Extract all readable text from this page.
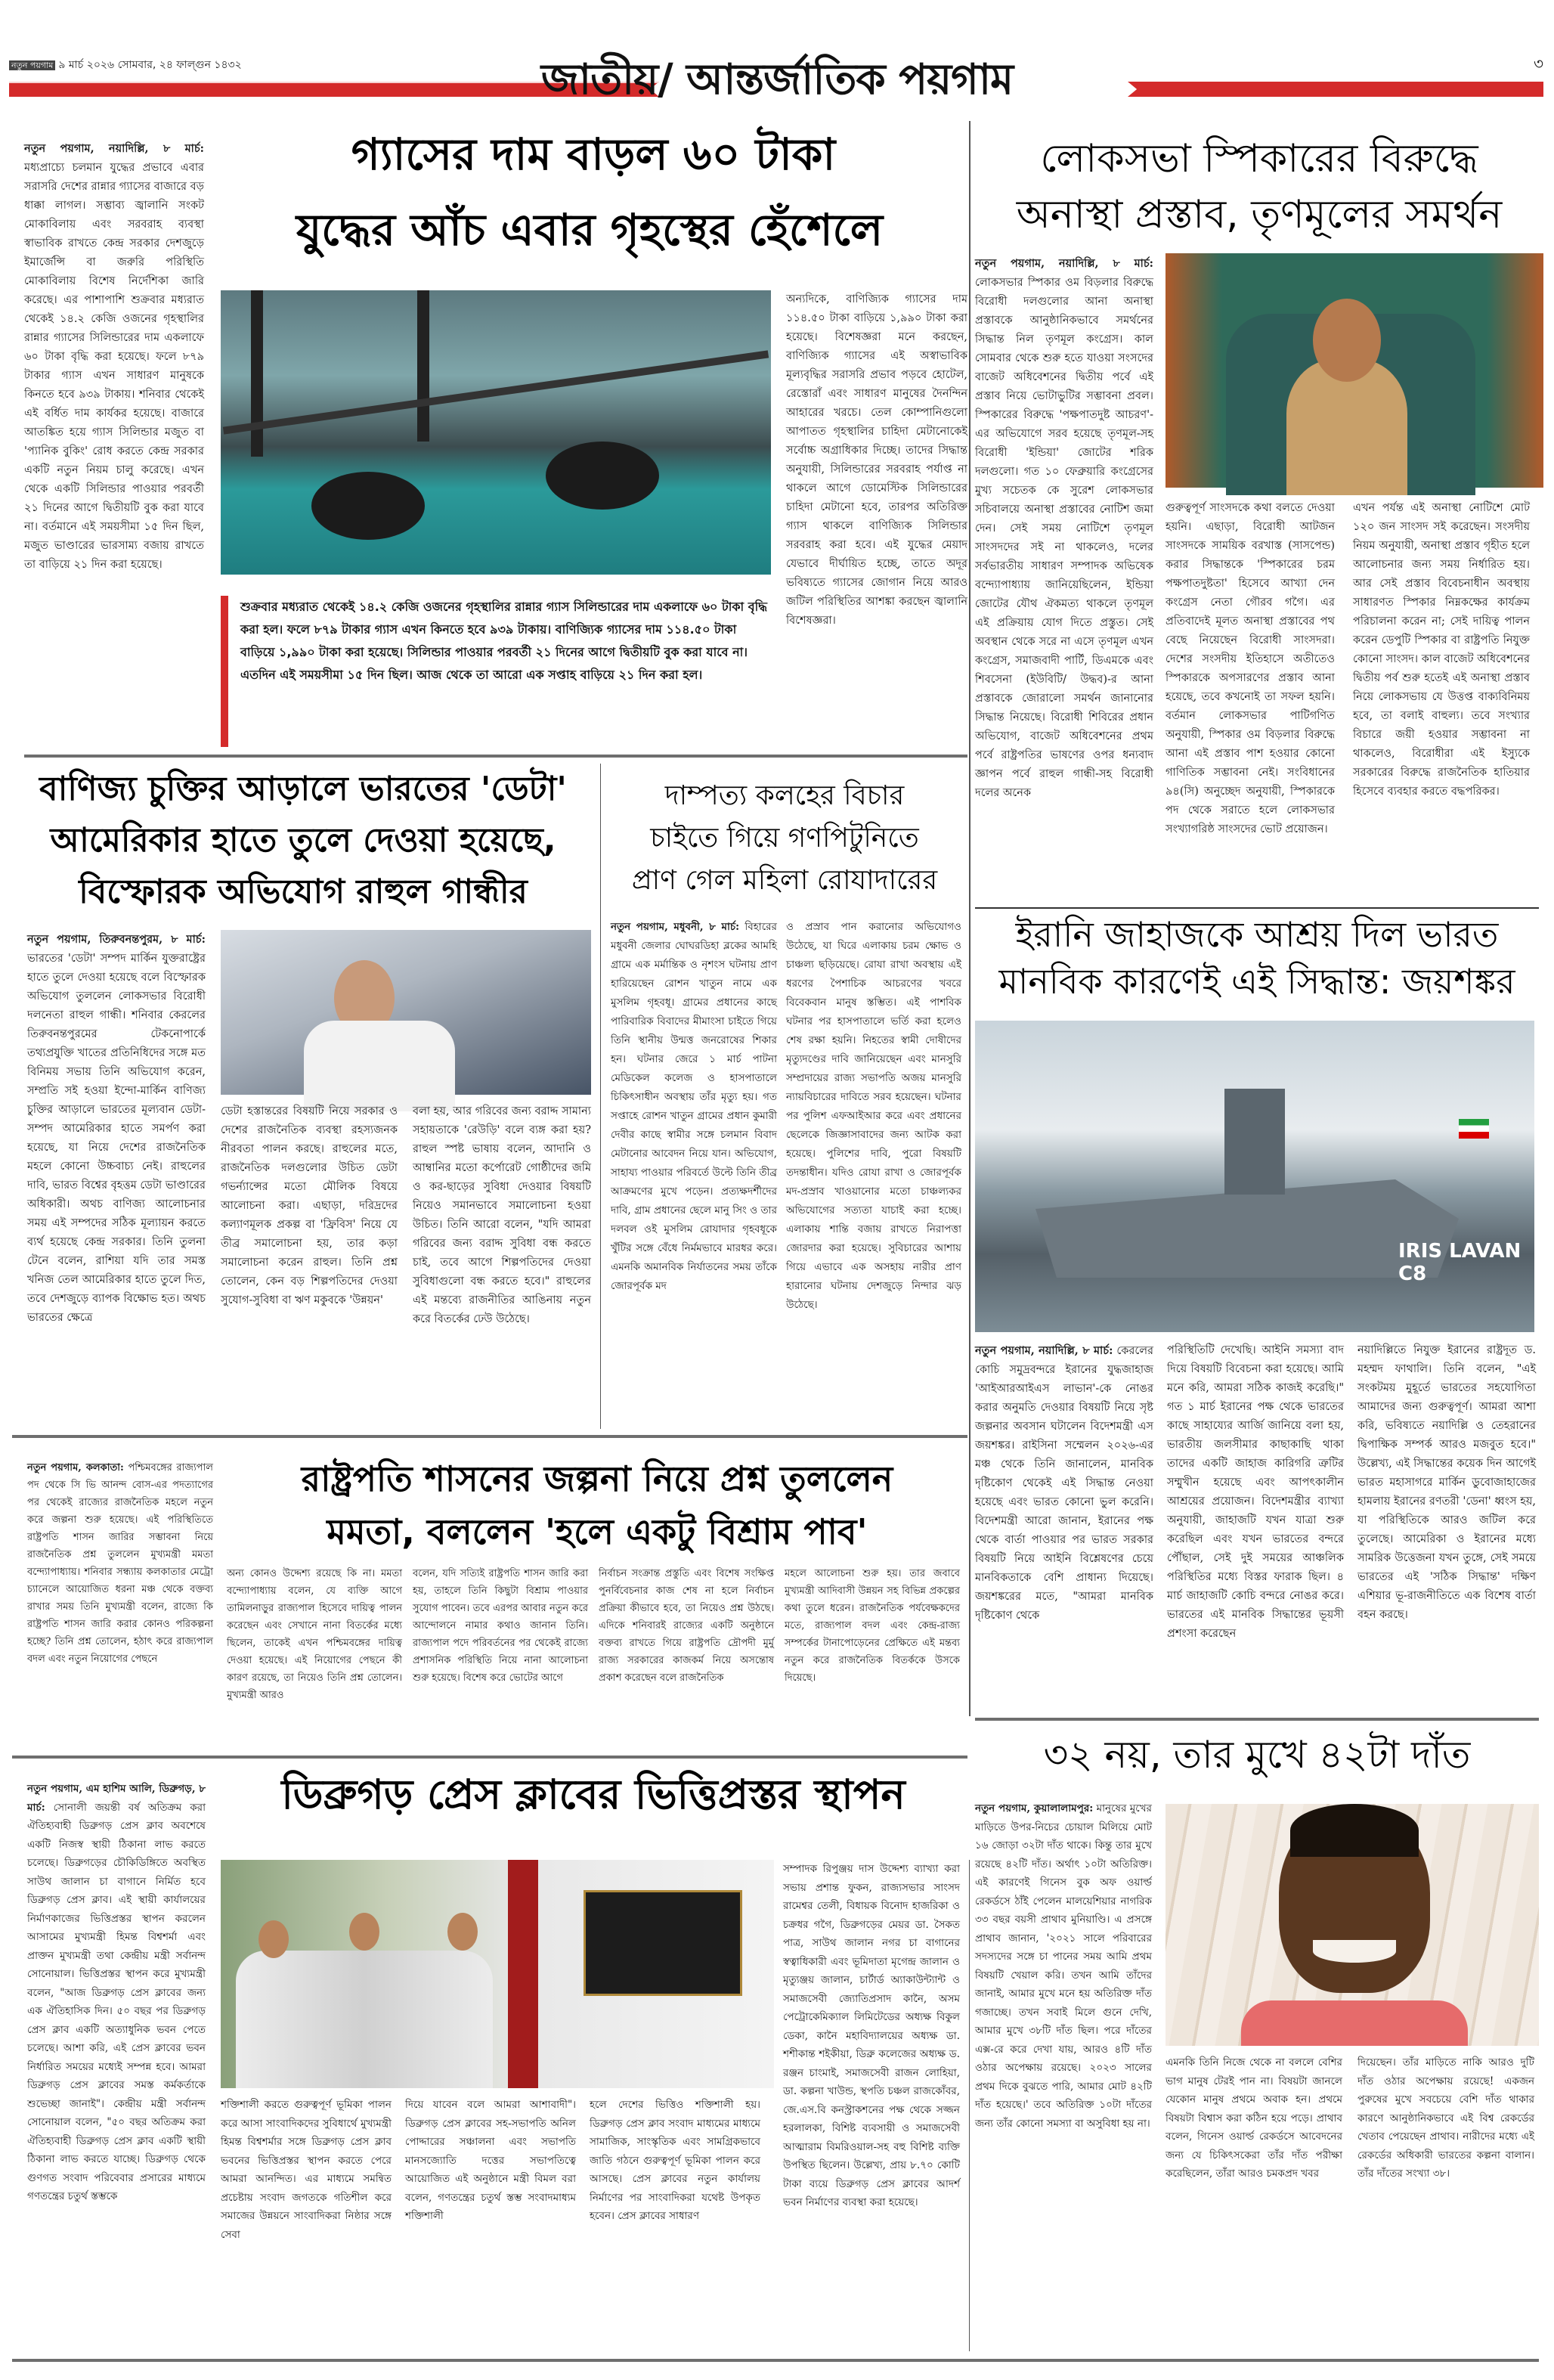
নতুন পয়গাম ৯ মার্চ ২০২৬ সোমবার, ২৪ ফাল্গুন ১৪৩২	জাতীয়/ আন্তর্জাতিক পয়গাম	৩
গ্যাসের দাম বাড়ল ৬০ টাকা
যুদ্ধের আঁচ এবার গৃহস্থের হেঁশেলে
নতুন পয়গাম, নয়াদিল্লি, ৮ মার্চ: মধ্যপ্রাচ্যে চলমান যুদ্ধের প্রভাবে এবার সরাসরি দেশের রান্নার গ্যাসের বাজারে বড় ধাক্কা লাগল। সম্ভাব্য জ্বালানি সংকট মোকাবিলায় এবং সরবরাহ ব্যবস্থা স্বাভাবিক রাখতে কেন্দ্র সরকার দেশজুড়ে ইমার্জেন্সি বা জরুরি পরিস্থিতি মোকাবিলায় বিশেষ নির্দেশিকা জারি করেছে। এর পাশাপাশি শুক্রবার মধ্যরাত থেকেই ১৪.২ কেজি ওজনের গৃহস্থালির রান্নার গ্যাসের সিলিন্ডারের দাম একলাফে ৬০ টাকা বৃদ্ধি করা হয়েছে। ফলে ৮৭৯ টাকার গ্যাস এখন সাধারণ মানুষকে কিনতে হবে ৯৩৯ টাকায়। শনিবার থেকেই এই বর্ধিত দাম কার্যকর হয়েছে। বাজারে আতঙ্কিত হয়ে গ্যাস সিলিন্ডার মজুত বা 'প্যানিক বুকিং' রোধ করতে কেন্দ্র সরকার একটি নতুন নিয়ম চালু করেছে। এখন থেকে একটি সিলিন্ডার পাওয়ার পরবর্তী ২১ দিনের আগে দ্বিতীয়টি বুক করা যাবে না। বর্তমানে এই সময়সীমা ১৫ দিন ছিল, মজুত ভাণ্ডারের ভারসাম্য বজায় রাখতে তা বাড়িয়ে ২১ দিন করা হয়েছে।
অন্যদিকে, বাণিজ্যিক গ্যাসের দাম ১১৪.৫০ টাকা বাড়িয়ে ১,৯৯০ টাকা করা হয়েছে। বিশেষজ্ঞরা মনে করছেন, বাণিজ্যিক গ্যাসের এই অস্বাভাবিক মূল্যবৃদ্ধির সরাসরি প্রভাব পড়বে হোটেল, রেস্তোরাঁ এবং সাধারণ মানুষের দৈনন্দিন আহারের খরচে। তেল কোম্পানিগুলো আপাতত গৃহস্থালির চাহিদা মেটানোকেই সর্বোচ্চ অগ্রাধিকার দিচ্ছে। তাদের সিদ্ধান্ত অনুযায়ী, সিলিন্ডারের সরবরাহ পর্যাপ্ত না থাকলে আগে ডোমেস্টিক সিলিন্ডারের চাহিদা মেটানো হবে, তারপর অতিরিক্ত গ্যাস থাকলে বাণিজ্যিক সিলিন্ডার সরবরাহ করা হবে। এই যুদ্ধের মেয়াদ যেভাবে দীর্ঘায়িত হচ্ছে, তাতে অদূর ভবিষ্যতে গ্যাসের জোগান নিয়ে আরও জটিল পরিস্থিতির আশঙ্কা করছেন জ্বালানি বিশেষজ্ঞরা।
শুক্রবার মধ্যরাত থেকেই ১৪.২ কেজি ওজনের গৃহস্থালির রান্নার গ্যাস সিলিন্ডারের দাম একলাফে ৬০ টাকা বৃদ্ধি করা হল। ফলে ৮৭৯ টাকার গ্যাস এখন কিনতে হবে ৯৩৯ টাকায়। বাণিজ্যিক গ্যাসের দাম ১১৪.৫০ টাকা বাড়িয়ে ১,৯৯০ টাকা করা হয়েছে। সিলিন্ডার পাওয়ার পরবর্তী ২১ দিনের আগে দ্বিতীয়টি বুক করা যাবে না। এতদিন এই সময়সীমা ১৫ দিন ছিল। আজ থেকে তা আরো এক সপ্তাহ বাড়িয়ে ২১ দিন করা হল।
লোকসভা স্পিকারের বিরুদ্ধে
অনাস্থা প্রস্তাব, তৃণমূলের সমর্থন
নতুন পয়গাম, নয়াদিল্লি, ৮ মার্চ: লোকসভার স্পিকার ওম বিড়লার বিরুদ্ধে বিরোধী দলগুলোর আনা অনাস্থা প্রস্তাবকে আনুষ্ঠানিকভাবে সমর্থনের সিদ্ধান্ত নিল তৃণমূল কংগ্রেস। কাল সোমবার থেকে শুরু হতে যাওয়া সংসদের বাজেট অধিবেশনের দ্বিতীয় পর্বে এই প্রস্তাব নিয়ে ভোটাভুটির সম্ভাবনা প্রবল। স্পিকারের বিরুদ্ধে 'পক্ষপাতদুষ্ট আচরণ'-এর অভিযোগে সরব হয়েছে তৃণমূল-সহ বিরোধী 'ইন্ডিয়া' জোটের শরিক দলগুলো। গত ১০ ফেব্রুয়ারি কংগ্রেসের মুখ্য সচেতক কে সুরেশ লোকসভার সচিবালয়ে অনাস্থা প্রস্তাবের নোটিশ জমা দেন। সেই সময় নোটিশে তৃণমূল সাংসদদের সই না থাকলেও, দলের সর্বভারতীয় সাধারণ সম্পাদক অভিষেক বন্দ্যোপাধ্যায় জানিয়েছিলেন, ইন্ডিয়া জোটের যৌথ ঐকমত্য থাকলে তৃণমূল এই প্রক্রিয়ায় যোগ দিতে প্রস্তুত। সেই অবস্থান থেকে সরে না এসে তৃণমূল এখন কংগ্রেস, সমাজবাদী পার্টি, ডিএমকে এবং শিবসেনা (ইউবিটি/ উদ্ধব)-র আনা প্রস্তাবকে জোরালো সমর্থন জানানোর সিদ্ধান্ত নিয়েছে। বিরোধী শিবিরের প্রধান অভিযোগ, বাজেট অধিবেশনের প্রথম পর্বে রাষ্ট্রপতির ভাষণের ওপর ধন্যবাদ জ্ঞাপন পর্বে রাহুল গান্ধী-সহ বিরোধী দলের অনেক
গুরুত্বপূর্ণ সাংসদকে কথা বলতে দেওয়া হয়নি। এছাড়া, বিরোধী আটজন সাংসদকে সাময়িক বরখাস্ত (সাসপেন্ড) করার সিদ্ধান্তকে 'স্পিকারের চরম পক্ষপাতদুষ্টতা' হিসেবে আখ্যা দেন কংগ্রেস নেতা গৌরব গগৈ। এর প্রতিবাদেই মূলত অনাস্থা প্রস্তাবের পথ বেছে নিয়েছেন বিরোধী সাংসদরা। দেশের সংসদীয় ইতিহাসে অতীতেও স্পিকারকে অপসারণের প্রস্তাব আনা হয়েছে, তবে কখনোই তা সফল হয়নি। বর্তমান লোকসভার পাটিগণিত অনুযায়ী, স্পিকার ওম বিড়লার বিরুদ্ধে আনা এই প্রস্তাব পাশ হওয়ার কোনো গাণিতিক সম্ভাবনা নেই। সংবিধানের ৯৪(সি) অনুচ্ছেদ অনুযায়ী, স্পিকারকে পদ থেকে সরাতে হলে লোকসভার সংখ্যাগরিষ্ঠ সাংসদের ভোট প্রয়োজন।
এখন পর্যন্ত এই অনাস্থা নোটিশে মোট ১২০ জন সাংসদ সই করেছেন। সংসদীয় নিয়ম অনুযায়ী, অনাস্থা প্রস্তাব গৃহীত হলে আলোচনার জন্য সময় নির্ধারিত হয়। আর সেই প্রস্তাব বিবেচনাধীন অবস্থায় সাধারণত স্পিকার নিম্নকক্ষের কার্যক্রম পরিচালনা করেন না; সেই দায়িত্ব পালন করেন ডেপুটি স্পিকার বা রাষ্ট্রপতি নিযুক্ত কোনো সাংসদ। কাল বাজেট অধিবেশনের দ্বিতীয় পর্ব শুরু হতেই এই অনাস্থা প্রস্তাব নিয়ে লোকসভায় যে উত্তপ্ত বাক্যবিনিময় হবে, তা বলাই বাহুল্য। তবে সংখ্যার বিচারে জয়ী হওয়ার সম্ভাবনা না থাকলেও, বিরোধীরা এই ইস্যুকে সরকারের বিরুদ্ধে রাজনৈতিক হাতিয়ার হিসেবে ব্যবহার করতে বদ্ধপরিকর।
বাণিজ্য চুক্তির আড়ালে ভারতের 'ডেটা'
আমেরিকার হাতে তুলে দেওয়া হয়েছে,
বিস্ফোরক অভিযোগ রাহুল গান্ধীর
নতুন পয়গাম, তিরুবনন্তপুরম, ৮ মার্চ: ভারতের 'ডেটা' সম্পদ মার্কিন যুক্তরাষ্ট্রের হাতে তুলে দেওয়া হয়েছে বলে বিস্ফোরক অভিযোগ তুললেন লোকসভার বিরোধী দলনেতা রাহুল গান্ধী। শনিবার কেরলের তিরুবনন্তপুরমের টেকনোপার্কে তথ্যপ্রযুক্তি খাতের প্রতিনিধিদের সঙ্গে মত বিনিময় সভায় তিনি অভিযোগ করেন, সম্প্রতি সই হওয়া ইন্দো-মার্কিন বাণিজ্য চুক্তির আড়ালে ভারতের মূল্যবান ডেটা-সম্পদ আমেরিকার হাতে সমর্পণ করা হয়েছে, যা নিয়ে দেশের রাজনৈতিক মহলে কোনো উচ্চবাচ্য নেই। রাহুলের দাবি, ভারত বিশ্বের বৃহত্তম ডেটা ভাণ্ডারের অধিকারী। অথচ বাণিজ্য আলোচনার সময় এই সম্পদের সঠিক মূল্যায়ন করতে ব্যর্থ হয়েছে কেন্দ্র সরকার। তিনি তুলনা টেনে বলেন, রাশিয়া যদি তার সমস্ত খনিজ তেল আমেরিকার হাতে তুলে দিত, তবে দেশজুড়ে ব্যাপক বিক্ষোভ হত। অথচ ভারতের ক্ষেত্রে
ডেটা হস্তান্তরের বিষয়টি নিয়ে সরকার ও দেশের রাজনৈতিক ব্যবস্থা রহস্যজনক নীরবতা পালন করছে। রাহুলের মতে, রাজনৈতিক দলগুলোর উচিত ডেটা গভর্ন্যান্সের মতো মৌলিক বিষয়ে আলোচনা করা। এছাড়া, দরিদ্রদের কল্যাণমূলক প্রকল্প বা 'ফ্রিবিস' নিয়ে যে তীব্র সমালোচনা হয়, তার কড়া সমালোচনা করেন রাহুল। তিনি প্রশ্ন তোলেন, কেন বড় শিল্পপতিদের দেওয়া সুযোগ-সুবিধা বা ঋণ মকুবকে 'উন্নয়ন'
বলা হয়, আর গরিবের জন্য বরাদ্দ সামান্য সহায়তাকে 'রেউড়ি' বলে ব্যঙ্গ করা হয়? রাহুল স্পষ্ট ভাষায় বলেন, আদানি ও আম্বানির মতো কর্পোরেট গোষ্ঠীদের জমি ও কর-ছাড়ের সুবিধা দেওয়ার বিষয়টি নিয়েও সমানভাবে সমালোচনা হওয়া উচিত। তিনি আরো বলেন, "যদি আমরা গরিবের জন্য বরাদ্দ সুবিধা বন্ধ করতে চাই, তবে আগে শিল্পপতিদের দেওয়া সুবিধাগুলো বন্ধ করতে হবে।" রাহুলের এই মন্তব্যে রাজনীতির আঙিনায় নতুন করে বিতর্কের ঢেউ উঠেছে।
দাম্পত্য কলহের বিচার
চাইতে গিয়ে গণপিটুনিতে
প্রাণ গেল মহিলা রোযাদারের
নতুন পয়গাম, মধুবনী, ৮ মার্চ: বিহারের মধুবনী জেলার ঘোঘরডিহা ব্লকের আমহি গ্রামে এক মর্মান্তিক ও নৃশংস ঘটনায় প্রাণ হারিয়েছেন রোশন খাতুন নামে এক মুসলিম গৃহবধূ। গ্রামের প্রধানের কাছে পারিবারিক বিবাদের মীমাংসা চাইতে গিয়ে তিনি স্থানীয় উন্মত্ত জনরোষের শিকার হন। ঘটনার জেরে ১ মার্চ পাটনা মেডিকেল কলেজ ও হাসপাতালে চিকিৎসাধীন অবস্থায় তাঁর মৃত্যু হয়। গত সপ্তাহে রোশন খাতুন গ্রামের প্রধান কুমারী দেবীর কাছে স্বামীর সঙ্গে চলমান বিবাদ মেটানোর আবেদন নিয়ে যান। অভিযোগ, সাহায্য পাওয়ার পরিবর্তে উল্টে তিনি তীব্র আক্রমণের মুখে পড়েন। প্রত্যক্ষদর্শীদের দাবি, গ্রাম প্রধানের ছেলে মানু সিং ও তার দলবল ওই মুসলিম রোযাদার গৃহবধূকে খুঁটির সঙ্গে বেঁধে নির্মমভাবে মারধর করে। এমনকি অমানবিক নির্যাতনের সময় তাঁকে জোরপূর্বক মদ
ও প্রস্রাব পান করানোর অভিযোগও উঠেছে, যা ঘিরে এলাকায় চরম ক্ষোভ ও চাঞ্চল্য ছড়িয়েছে। রোযা রাখা অবস্থায় এই ধরণের পৈশাচিক আচরণের খবরে বিবেকবান মানুষ স্তম্ভিত। এই পাশবিক ঘটনার পর হাসপাতালে ভর্তি করা হলেও শেষ রক্ষা হয়নি। নিহতের স্বামী দোষীদের মৃত্যুদণ্ডের দাবি জানিয়েছেন এবং মানসুরি সম্প্রদায়ের রাজ্য সভাপতি অজয় মানসুরি ন্যায়বিচারের দাবিতে সরব হয়েছেন। ঘটনার পর পুলিশ এফআইআর করে এবং প্রধানের ছেলেকে জিজ্ঞাসাবাদের জন্য আটক করা হয়েছে। পুলিশের দাবি, পুরো বিষয়টি তদন্তাধীন। যদিও রোযা রাখা ও জোরপূর্বক মদ-প্রস্রাব খাওয়ানোর মতো চাঞ্চল্যকর অভিযোগের সত্যতা যাচাই করা হচ্ছে। এলাকায় শান্তি বজায় রাখতে নিরাপত্তা জোরদার করা হয়েছে। সুবিচারের আশায় গিয়ে এভাবে এক অসহায় নারীর প্রাণ হারানোর ঘটনায় দেশজুড়ে নিন্দার ঝড় উঠেছে।
ইরানি জাহাজকে আশ্রয় দিল ভারত
মানবিক কারণেই এই সিদ্ধান্ত: জয়শঙ্কর
IRIS LAVAN C8
নতুন পয়গাম, নয়াদিল্লি, ৮ মার্চ: কেরলের কোচি সমুদ্রবন্দরে ইরানের যুদ্ধজাহাজ 'আইআরআইএস লাভান'-কে নোঙর করার অনুমতি দেওয়ার বিষয়টি নিয়ে সৃষ্ট জল্পনার অবসান ঘটালেন বিদেশমন্ত্রী এস জয়শঙ্কর। রাইসিনা সম্মেলন ২০২৬-এর মঞ্চ থেকে তিনি জানালেন, মানবিক দৃষ্টিকোণ থেকেই এই সিদ্ধান্ত নেওয়া হয়েছে এবং ভারত কোনো ভুল করেনি। বিদেশমন্ত্রী আরো জানান, ইরানের পক্ষ থেকে বার্তা পাওয়ার পর ভারত সরকার বিষয়টি নিয়ে আইনি বিশ্লেষণের চেয়ে মানবিকতাকে বেশি প্রাধান্য দিয়েছে। জয়শঙ্করের মতে, "আমরা মানবিক দৃষ্টিকোণ থেকে
পরিস্থিতিটি দেখেছি। আইনি সমস্যা বাদ দিয়ে বিষয়টি বিবেচনা করা হয়েছে। আমি মনে করি, আমরা সঠিক কাজই করেছি।" গত ১ মার্চ ইরানের পক্ষ থেকে ভারতের কাছে সাহায্যের আর্জি জানিয়ে বলা হয়, ভারতীয় জলসীমার কাছাকাছি থাকা তাদের একটি জাহাজ কারিগরি ত্রুটির সম্মুখীন হয়েছে এবং আপৎকালীন আশ্রয়ের প্রয়োজন। বিদেশমন্ত্রীর ব্যাখ্যা অনুযায়ী, জাহাজটি যখন যাত্রা শুরু করেছিল এবং যখন ভারতের বন্দরে পৌঁছাল, সেই দুই সময়ের আঞ্চলিক পরিস্থিতির মধ্যে বিস্তর ফারাক ছিল। ৪ মার্চ জাহাজটি কোচি বন্দরে নোঙর করে। ভারতের এই মানবিক সিদ্ধান্তের ভূয়সী প্রশংসা করেছেন
নয়াদিল্লিতে নিযুক্ত ইরানের রাষ্ট্রদূত ড. মহম্মদ ফাথালি। তিনি বলেন, "এই সংকটময় মুহূর্তে ভারতের সহযোগিতা আমাদের জন্য গুরুত্বপূর্ণ। আমরা আশা করি, ভবিষ্যতে নয়াদিল্লি ও তেহরানের দ্বিপাক্ষিক সম্পর্ক আরও মজবুত হবে।" উল্লেখ্য, এই সিদ্ধান্তের কয়েক দিন আগেই ভারত মহাসাগরে মার্কিন ডুবোজাহাজের হামলায় ইরানের রণতরী 'ডেনা' ধ্বংস হয়, যা পরিস্থিতিকে আরও জটিল করে তুলেছে। আমেরিকা ও ইরানের মধ্যে সামরিক উত্তেজনা যখন তুঙ্গে, সেই সময়ে ভারতের এই 'সঠিক সিদ্ধান্ত' দক্ষিণ এশিয়ার ভূ-রাজনীতিতে এক বিশেষ বার্তা বহন করছে।
রাষ্ট্রপতি শাসনের জল্পনা নিয়ে প্রশ্ন তুললেন
মমতা, বললেন 'হলে একটু বিশ্রাম পাব'
নতুন পয়গাম, কলকাতা: পশ্চিমবঙ্গের রাজ্যপাল পদ থেকে সি ভি আনন্দ বোস-এর পদত্যাগের পর থেকেই রাজ্যের রাজনৈতিক মহলে নতুন করে জল্পনা শুরু হয়েছে। এই পরিস্থিতিতে রাষ্ট্রপতি শাসন জারির সম্ভাবনা নিয়ে রাজনৈতিক প্রশ্ন তুললেন মুখ্যমন্ত্রী মমতা বন্দ্যোপাধ্যায়। শনিবার সন্ধ্যায় কলকাতার মেট্রো চ্যানেলে আয়োজিত ধরনা মঞ্চ থেকে বক্তব্য রাখার সময় তিনি মুখ্যমন্ত্রী বলেন, রাজ্যে কি রাষ্ট্রপতি শাসন জারি করার কোনও পরিকল্পনা হচ্ছে? তিনি প্রশ্ন তোলেন, হঠাৎ করে রাজ্যপাল বদল এবং নতুন নিয়োগের পেছনে
অন্য কোনও উদ্দেশ্য রয়েছে কি না। মমতা বন্দ্যোপাধ্যায় বলেন, যে ব্যক্তি আগে তামিলনাড়ুর রাজ্যপাল হিসেবে দায়িত্ব পালন করেছেন এবং সেখানে নানা বিতর্কের মধ্যে ছিলেন, তাকেই এখন পশ্চিমবঙ্গের দায়িত্ব দেওয়া হয়েছে। এই নিয়োগের পেছনে কী কারণ রয়েছে, তা নিয়েও তিনি প্রশ্ন তোলেন। মুখ্যমন্ত্রী আরও
বলেন, যদি সত্যিই রাষ্ট্রপতি শাসন জারি করা হয়, তাহলে তিনি কিছুটা বিশ্রাম পাওয়ার সুযোগ পাবেন। তবে এরপর আবার নতুন করে আন্দোলনে নামার কথাও জানান তিনি। রাজ্যপাল পদে পরিবর্তনের পর থেকেই রাজ্যে প্রশাসনিক পরিস্থিতি নিয়ে নানা আলোচনা শুরু হয়েছে। বিশেষ করে ভোটের আগে
নির্বাচন সংক্রান্ত প্রস্তুতি এবং বিশেষ সংক্ষিপ্ত পুনর্বিবেচনার কাজ শেষ না হলে নির্বাচন প্রক্রিয়া কীভাবে হবে, তা নিয়েও প্রশ্ন উঠছে। এদিকে শনিবারই রাজ্যের একটি অনুষ্ঠানে বক্তব্য রাখতে গিয়ে রাষ্ট্রপতি দ্রৌপদী মুর্মু রাজ্য সরকারের কাজকর্ম নিয়ে অসন্তোষ প্রকাশ করেছেন বলে রাজনৈতিক
মহলে আলোচনা শুরু হয়। তার জবাবে মুখ্যমন্ত্রী আদিবাসী উন্নয়ন সহ বিভিন্ন প্রকল্পের কথা তুলে ধরেন। রাজনৈতিক পর্যবেক্ষকদের মতে, রাজ্যপাল বদল এবং কেন্দ্র-রাজ্য সম্পর্কের টানাপোড়েনের প্রেক্ষিতে এই মন্তব্য নতুন করে রাজনৈতিক বিতর্ককে উসকে দিয়েছে।
ডিব্রুগড় প্রেস ক্লাবের ভিত্তিপ্রস্তর স্থাপন
নতুন পয়গাম, এম হাশিম আলি, ডিব্রুগড়, ৮ মার্চ: সোনালী জয়ন্তী বর্ষ অতিক্রম করা ঐতিহ্যবাহী ডিব্রুগড় প্রেস ক্লাব অবশেষে একটি নিজস্ব স্থায়ী ঠিকানা লাভ করতে চলেছে। ডিব্রুগড়ের চৌকিডিঙ্গিতে অবস্থিত সাউথ জালান চা বাগানে নির্মিত হবে ডিব্রুগড় প্রেস ক্লাব। এই স্থায়ী কার্যালয়ের নির্মাণকাজের ভিত্তিপ্রস্তর স্থাপন করলেন আসামের মুখ্যমন্ত্রী হিমন্ত বিশ্বশর্মা এবং প্রাক্তন মুখ্যমন্ত্রী তথা কেন্দ্রীয় মন্ত্রী সর্বানন্দ সোনোয়াল। ভিত্তিপ্রস্তর স্থাপন করে মুখ্যমন্ত্রী বলেন, "আজ ডিব্রুগড় প্রেস ক্লাবের জন্য এক ঐতিহাসিক দিন। ৫০ বছর পর ডিব্রুগড় প্রেস ক্লাব একটি অত্যাধুনিক ভবন পেতে চলেছে। আশা করি, এই প্রেস ক্লাবের ভবন নির্ধারিত সময়ের মধ্যেই সম্পন্ন হবে। আমরা ডিব্রুগড় প্রেস ক্লাবের সমস্ত কর্মকর্তাকে শুভেচ্ছা জানাই"। কেন্দ্রীয় মন্ত্রী সর্বানন্দ সোনোয়াল বলেন, "৫০ বছর অতিক্রম করা ঐতিহ্যবাহী ডিব্রুগড় প্রেস ক্লাব একটি স্থায়ী ঠিকানা লাভ করতে যাচ্ছে। ডিব্রুগড় থেকে গুণগত সংবাদ পরিবেবার প্রসারের মাধ্যমে গণতন্ত্রের চতুর্থ স্তম্ভকে
শক্তিশালী করতে গুরুত্বপূর্ণ ভূমিকা পালন করে আসা সাংবাদিকদের সুবিধার্থে মুখ্যমন্ত্রী হিমন্ত বিশ্বশর্মার সঙ্গে ডিব্রুগড় প্রেস ক্লাব ভবনের ভিত্তিপ্রস্তর স্থাপন করতে পেরে আমরা আনন্দিত। এর মাধ্যমে সমন্বিত প্রচেষ্টায় সংবাদ জগতকে গতিশীল করে সমাজের উন্নয়নে সাংবাদিকরা নিষ্ঠার সঙ্গে সেবা
দিয়ে যাবেন বলে আমরা আশাবাদী"। ডিব্রুগড় প্রেস ক্লাবের সহ-সভাপতি অনিল পোদ্দারের সঞ্চালনা এবং সভাপতি মানসজ্যোতি দত্তের সভাপতিত্বে আয়োজিত এই অনুষ্ঠানে মন্ত্রী বিমল বরা বলেন, গণতন্ত্রের চতুর্থ স্তম্ভ সংবাদমাধ্যম শক্তিশালী
হলে দেশের ভিত্তিও শক্তিশালী হয়। ডিব্রুগড় প্রেস ক্লাব সংবাদ মাধ্যমের মাধ্যমে সামাজিক, সাংস্কৃতিক এবং সামগ্রিকভাবে জাতি গঠনে গুরুত্বপূর্ণ ভূমিকা পালন করে আসছে। প্রেস ক্লাবের নতুন কার্যালয় নির্মাণের পর সাংবাদিকরা যথেষ্ট উপকৃত হবেন। প্রেস ক্লাবের সাধারণ
সম্পাদক রিপুঞ্জয় দাস উদ্দেশ্য ব্যাখ্যা করা সভায় প্রশান্ত ফুকন, রাজ্যসভার সাংসদ রামেশ্বর তেলী, বিধায়ক বিনোদ হাজরিকা ও চক্রধর গগৈ, ডিব্রুগড়ের মেয়র ডা. সৈকত পাত্র, সাউথ জালান নগর চা বাগানের স্বত্বাধিকারী এবং ভূমিদাতা মৃগেন্দ্র জালান ও মৃত্যুঞ্জয় জালান, চার্টার্ড অ্যাকাউন্ট্যান্ট ও সমাজসেবী জ্যোতিপ্রসাদ কানৈ, অসম পেট্রোকেমিক্যাল লিমিটেডের অধ্যক্ষ বিকুল ডেকা, কানৈ মহাবিদ্যালয়ের অধ্যক্ষ ডা. শশীকান্ত শইকীয়া, ডিব্রু কলেজের অধ্যক্ষ ড. রঞ্জন চাংমাই, সমাজসেবী রাজন লোহিয়া, ডা. কল্পনা খাউন্ড, স্থপতি চঞ্চল রাজকোঁবর, জে.এস.বি কনস্ট্রাকশনের পক্ষ থেকে সজ্জন হরলালকা, বিশিষ্ট ব্যবসায়ী ও সমাজসেবী আত্মারাম বিমরিওয়াল-সহ বহু বিশিষ্ট ব্যক্তি উপস্থিত ছিলেন। উল্লেখ্য, প্রায় ৮.৭০ কোটি টাকা ব্যয়ে ডিব্রুগড় প্রেস ক্লাবের আদর্শ ভবন নির্মাণের ব্যবস্থা করা হয়েছে।
৩২ নয়, তার মুখে ৪২টা দাঁত
নতুন পয়গাম, কুয়ালালামপুর: মানুষের মুখের মাড়িতে উপর-নিচের চোয়াল মিলিয়ে মোট ১৬ জোড়া ৩২টা দাঁত থাকে। কিন্তু তার মুখে রয়েছে ৪২টি দাঁত। অর্থাৎ ১০টা অতিরিক্ত। এই কারণেই গিনেস বুক অফ ওয়ার্ল্ড রেকর্ডসে ঠাঁই পেলেন মালয়েশিয়ার নাগরিক ৩৩ বছর বয়সী প্রাথাব মুনিয়াণ্ডি। এ প্রসঙ্গে প্রাথাব জানান, '২০২১ সালে পরিবারের সদস্যদের সঙ্গে চা পানের সময় আমি প্রথম বিষয়টি খেয়াল করি। তখন আমি তাঁদের জানাই, আমার মুখে মনে হয় অতিরিক্ত দাঁত গজাচ্ছে। তখন সবাই মিলে গুনে দেখি, আমার মুখে ৩৮টি দাঁত ছিল। পরে দাঁতের এক্স-রে করে দেখা যায়, আরও ৪টি দাঁত ওঠার অপেক্ষায় রয়েছে। ২০২৩ সালের প্রথম দিকে বুঝতে পারি, আমার মোট ৪২টি দাঁত হয়েছে।' তবে অতিরিক্ত ১০টা দাঁতের জন্য তাঁর কোনো সমস্যা বা অসুবিধা হয় না।
এমনকি তিনি নিজে থেকে না বললে বেশির ভাগ মানুষ টেরই পান না। বিষয়টা জানলে যেকোন মানুষ প্রথমে অবাক হন। প্রথমে বিষয়টা বিশ্বাস করা কঠিন হয়ে পড়ে। প্রাথাব বলেন, গিনেস ওয়ার্ল্ড রেকর্ডসে আবেদনের জন্য যে চিকিৎসকেরা তাঁর দাঁত পরীক্ষা করেছিলেন, তাঁরা আরও চমকপ্রদ খবর
দিয়েছেন। তাঁর মাড়িতে নাকি আরও দুটি দাঁত ওঠার অপেক্ষায় রয়েছে! একজন পুরুষের মুখে সবচেয়ে বেশি দাঁত থাকার কারণে আনুষ্ঠানিকভাবে এই বিশ্ব রেকর্ডের খেতাব পেয়েছেন প্রাথাব। নারীদের মধ্যে এই রেকর্ডের অধিকারী ভারতের কল্পনা বালান। তাঁর দাঁতের সংখ্যা ৩৮।
